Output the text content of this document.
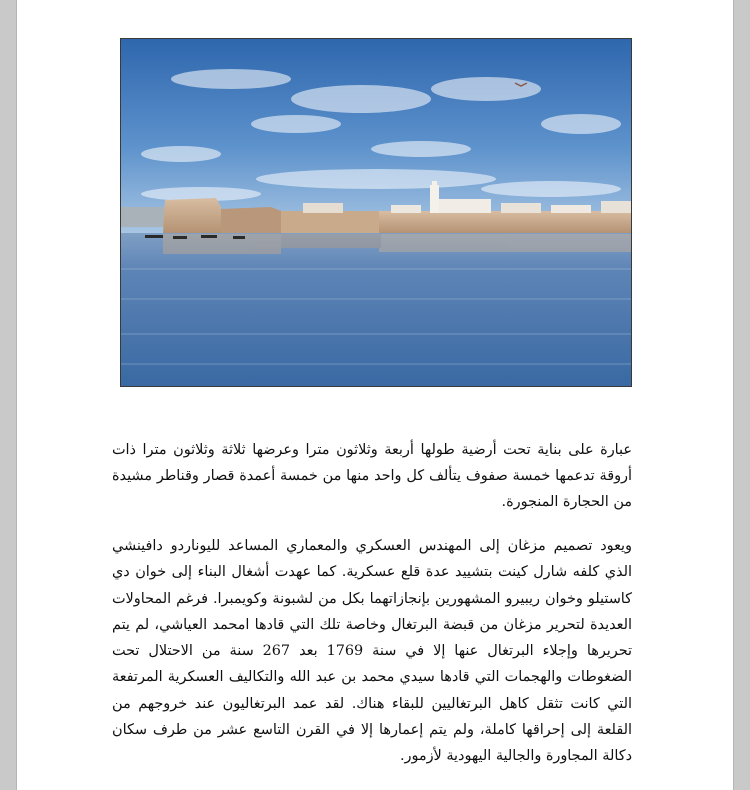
عبارة على بناية تحت أرضية طولها أربعة وثلاثون مترا وعرضها ثلاثة وثلاثون مترا ذات أروقة تدعمها خمسة صفوف يتألف كل واحد منها من خمسة أعمدة قصار وقناطر مشيدة من الحجارة المنجورة.

ويعود تصميم مزغان إلى المهندس العسكري والمعماري المساعد لليوناردو دافينشي الذي كلفه شارل كينت بتشييد عدة قلع عسكرية. كما عهدت أشغال البناء إلى خوان دي كاستيلو وخوان ريبيرو المشهورين بإنجازاتهما بكل من لشبونة وكويمبرا. فرغم المحاولات العديدة لتحرير مزغان من قبضة البرتغال وخاصة تلك التي قادها امحمد العياشي، لم يتم تحريرها وإجلاء البرتغال عنها إلا في سنة 1769 بعد 267 سنة من الاحتلال تحت الضغوطات والهجمات التي قادها سيدي محمد بن عبد الله والتكاليف العسكرية المرتفعة التي كانت تثقل كاهل البرتغاليين للبقاء هناك. لقد عمد البرتغاليون عند خروجهم من القلعة إلى إحراقها كاملة، ولم يتم إعمارها إلا في القرن التاسع عشر من طرف سكان دكالة المجاورة والجالية اليهودية لأزمور.
